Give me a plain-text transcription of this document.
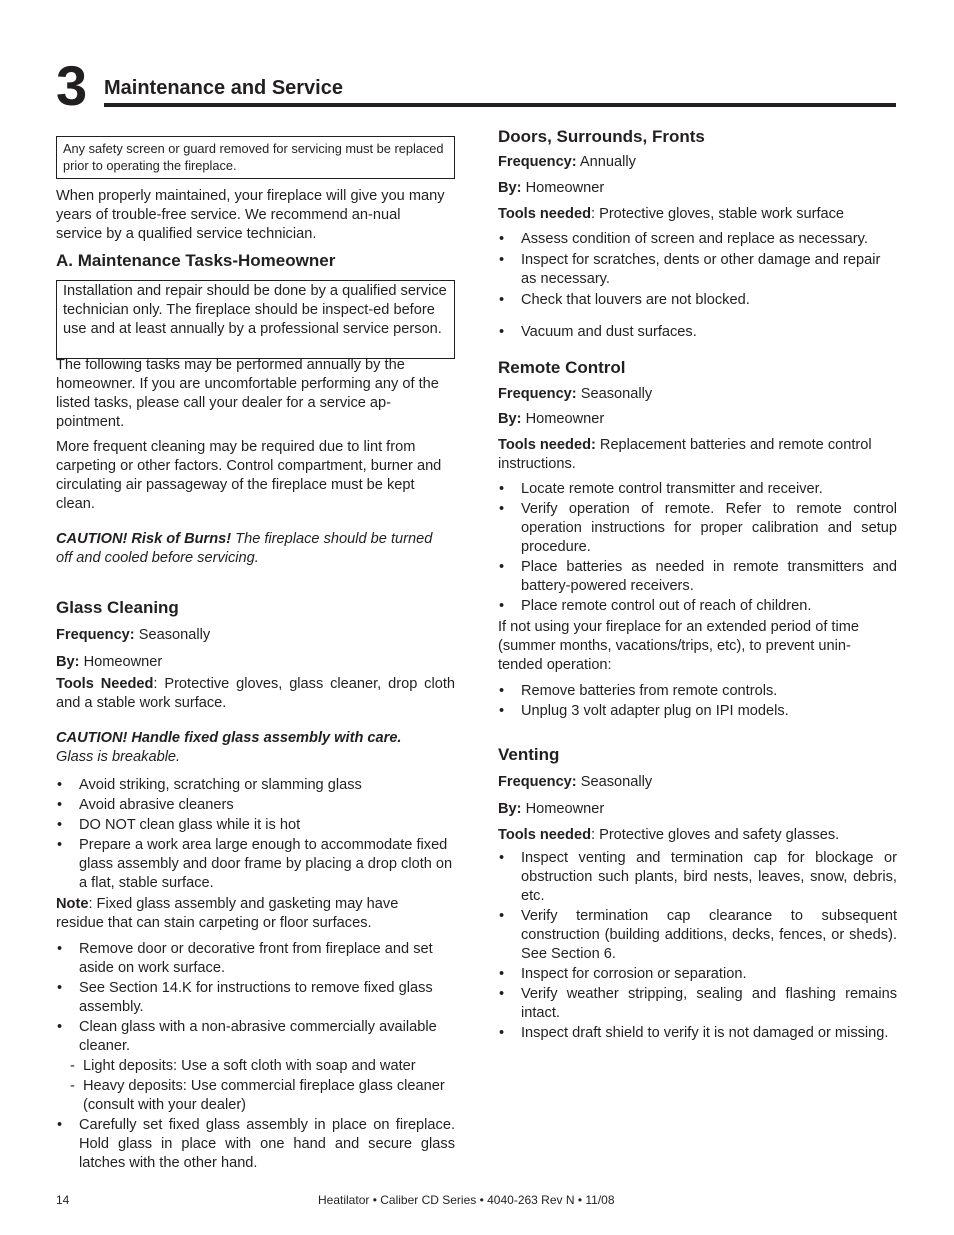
3 Maintenance and Service
Any safety screen or guard removed for servicing must be replaced prior to operating the fireplace.

When properly maintained, your fireplace will give you many years of trouble-free service. We recommend an-nual service by a qualified service technician.

A. Maintenance Tasks-Homeowner
Installation and repair should be done by a qualified service technician only. The fireplace should be inspect-ed before use and at least annually by a professional service person.

The following tasks may be performed annually by the homeowner. If you are uncomfortable performing any of the listed tasks, please call your dealer for a service ap-pointment.

More frequent cleaning may be required due to lint from carpeting or other factors. Control compartment, burner and circulating air passageway of the fireplace must be kept clean.

CAUTION! Risk of Burns! The fireplace should be turned off and cooled before servicing.
Glass Cleaning
Frequency: Seasonally
By: Homeowner
Tools Needed: Protective gloves, glass cleaner, drop cloth and a stable work surface.
CAUTION! Handle fixed glass assembly with care.
Glass is breakable.
• Avoid striking, scratching or slamming glass
• Avoid abrasive cleaners
• DO NOT clean glass while it is hot
• Prepare a work area large enough to accommodate fixed glass assembly and door frame by placing a drop cloth on a flat, stable surface.
Note: Fixed glass assembly and gasketing may have residue that can stain carpeting or floor surfaces.
• Remove door or decorative front from fireplace and set aside on work surface.
• See Section 14.K for instructions to remove fixed glass assembly.
• Clean glass with a non-abrasive commercially available cleaner.
- Light deposits: Use a soft cloth with soap and water
- Heavy deposits: Use commercial fireplace glass cleaner (consult with your dealer)
• Carefully set fixed glass assembly in place on fireplace. Hold glass in place with one hand and secure glass latches with the other hand.
Doors, Surrounds, Fronts
Frequency: Annually
By: Homeowner
Tools needed: Protective gloves, stable work surface
• Assess condition of screen and replace as necessary.
• Inspect for scratches, dents or other damage and repair as necessary.
• Check that louvers are not blocked.
• Vacuum and dust surfaces.
Remote Control
Frequency: Seasonally
By: Homeowner
Tools needed: Replacement batteries and remote control instructions.
• Locate remote control transmitter and receiver.
• Verify operation of remote. Refer to remote control operation instructions for proper calibration and setup procedure.
• Place batteries as needed in remote transmitters and battery-powered receivers.
• Place remote control out of reach of children.

If not using your fireplace for an extended period of time (summer months, vacations/trips, etc), to prevent unin-tended operation:

• Remove batteries from remote controls.
• Unplug 3 volt adapter plug on IPI models.
Venting
Frequency: Seasonally
By: Homeowner
Tools needed: Protective gloves and safety glasses.
• Inspect venting and termination cap for blockage or obstruction such plants, bird nests, leaves, snow, debris, etc.
• Verify termination cap clearance to subsequent construction (building additions, decks, fences, or sheds). See Section 6.
• Inspect for corrosion or separation.
• Verify weather stripping, sealing and flashing remains intact.
• Inspect draft shield to verify it is not damaged or missing.
14	Heatilator • Caliber CD Series • 4040-263 Rev N • 11/08
